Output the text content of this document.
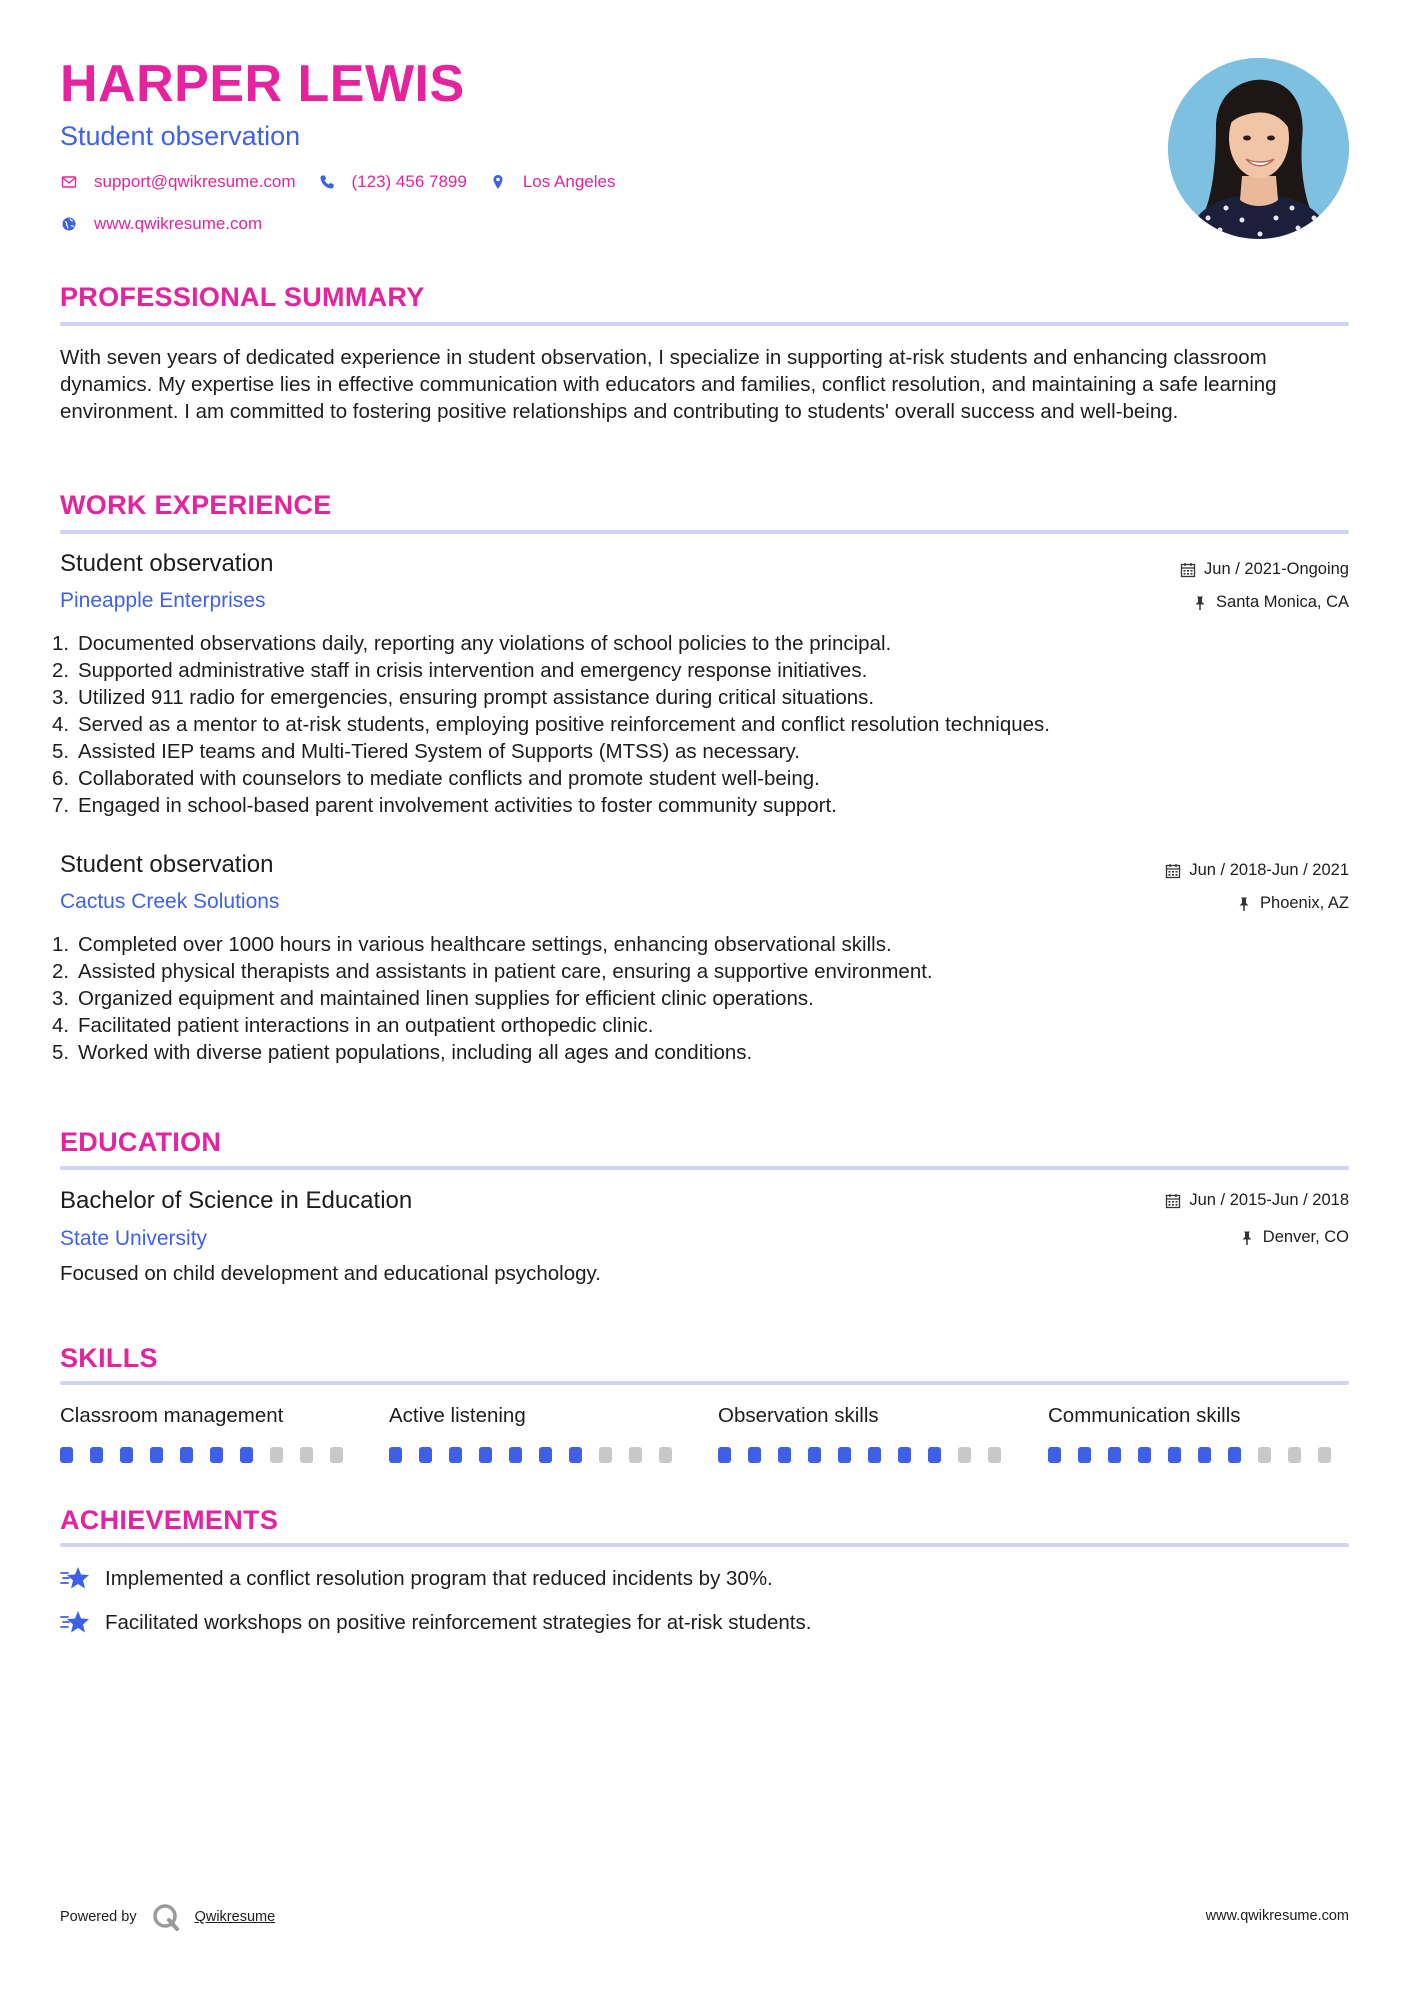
HARPER LEWIS
Student observation
support@qwikresume.com	(123) 456 7899	Los Angeles
www.qwikresume.com
PROFESSIONAL SUMMARY
With seven years of dedicated experience in student observation, I specialize in supporting at-risk students and enhancing classroom dynamics. My expertise lies in effective communication with educators and families, conflict resolution, and maintaining a safe learning environment. I am committed to fostering positive relationships and contributing to students' overall success and well-being.
WORK EXPERIENCE
Student observation
Pineapple Enterprises
Jun / 2021-Ongoing
Santa Monica, CA
1. Documented observations daily, reporting any violations of school policies to the principal.
2. Supported administrative staff in crisis intervention and emergency response initiatives.
3. Utilized 911 radio for emergencies, ensuring prompt assistance during critical situations.
4. Served as a mentor to at-risk students, employing positive reinforcement and conflict resolution techniques.
5. Assisted IEP teams and Multi-Tiered System of Supports (MTSS) as necessary.
6. Collaborated with counselors to mediate conflicts and promote student well-being.
7. Engaged in school-based parent involvement activities to foster community support.
Student observation
Cactus Creek Solutions
Jun / 2018-Jun / 2021
Phoenix, AZ
1. Completed over 1000 hours in various healthcare settings, enhancing observational skills.
2. Assisted physical therapists and assistants in patient care, ensuring a supportive environment.
3. Organized equipment and maintained linen supplies for efficient clinic operations.
4. Facilitated patient interactions in an outpatient orthopedic clinic.
5. Worked with diverse patient populations, including all ages and conditions.
EDUCATION
Bachelor of Science in Education
State University
Jun / 2015-Jun / 2018
Denver, CO
Focused on child development and educational psychology.
SKILLS
Classroom management	Active listening	Observation skills	Communication skills
ACHIEVEMENTS
Implemented a conflict resolution program that reduced incidents by 30%.
Facilitated workshops on positive reinforcement strategies for at-risk students.
Powered by	Qwikresume	www.qwikresume.com
